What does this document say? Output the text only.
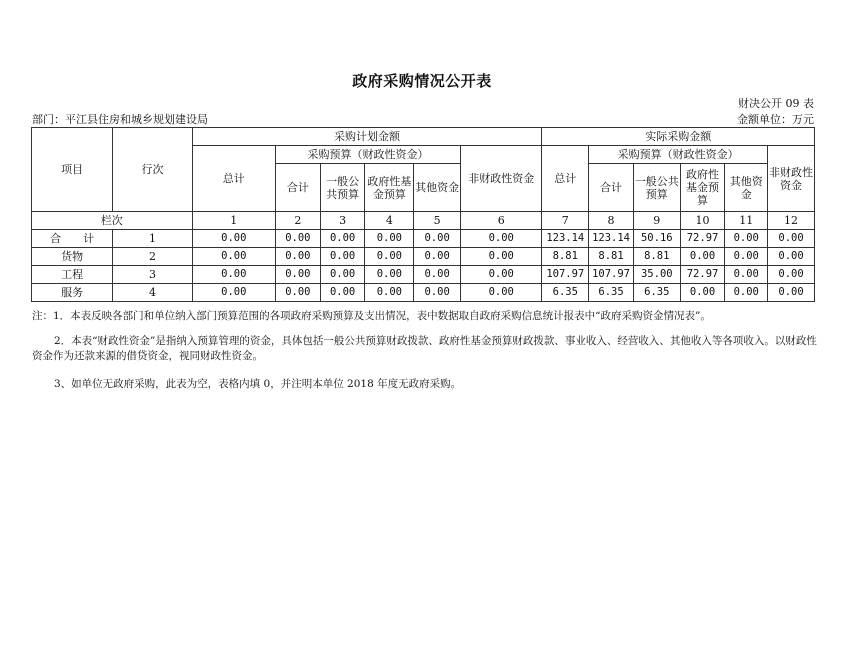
政府采购情况公开表
财决公开 09 表
部门：平江县住房和城乡规划建设局	金额单位：万元
项目	行次	采购计划金额						实际采购金额					
		总计	采购预算（财政性资金）				非财政性资金	总计	采购预算（财政性资金）				非财政性资金
			合计	一般公共预算	政府性基金预算	其他资金			合计	一般公共预算	政府性基金预算	其他资金	
栏次		1	2	3	4	5	6	7	8	9	10	11	12
合　　计	1	0.00	0.00	0.00	0.00	0.00	0.00	123.14	123.14	50.16	72.97	0.00	0.00
货物	2	0.00	0.00	0.00	0.00	0.00	0.00	8.81	8.81	8.81	0.00	0.00	0.00
工程	3	0.00	0.00	0.00	0.00	0.00	0.00	107.97	107.97	35.00	72.97	0.00	0.00
服务	4	0.00	0.00	0.00	0.00	0.00	0.00	6.35	6.35	6.35	0.00	0.00	0.00
注：1．本表反映各部门和单位纳入部门预算范围的各项政府采购预算及支出情况，表中数据取自政府采购信息统计报表中“政府采购资金情况表”。
2．本表“财政性资金”是指纳入预算管理的资金，具体包括一般公共预算财政拨款、政府性基金预算财政拨款、事业收入、经营收入、其他收入等各项收入。以财政性资金作为还款来源的借贷资金，视同财政性资金。
3、如单位无政府采购，此表为空，表格内填 0，并注明本单位 2018 年度无政府采购。
